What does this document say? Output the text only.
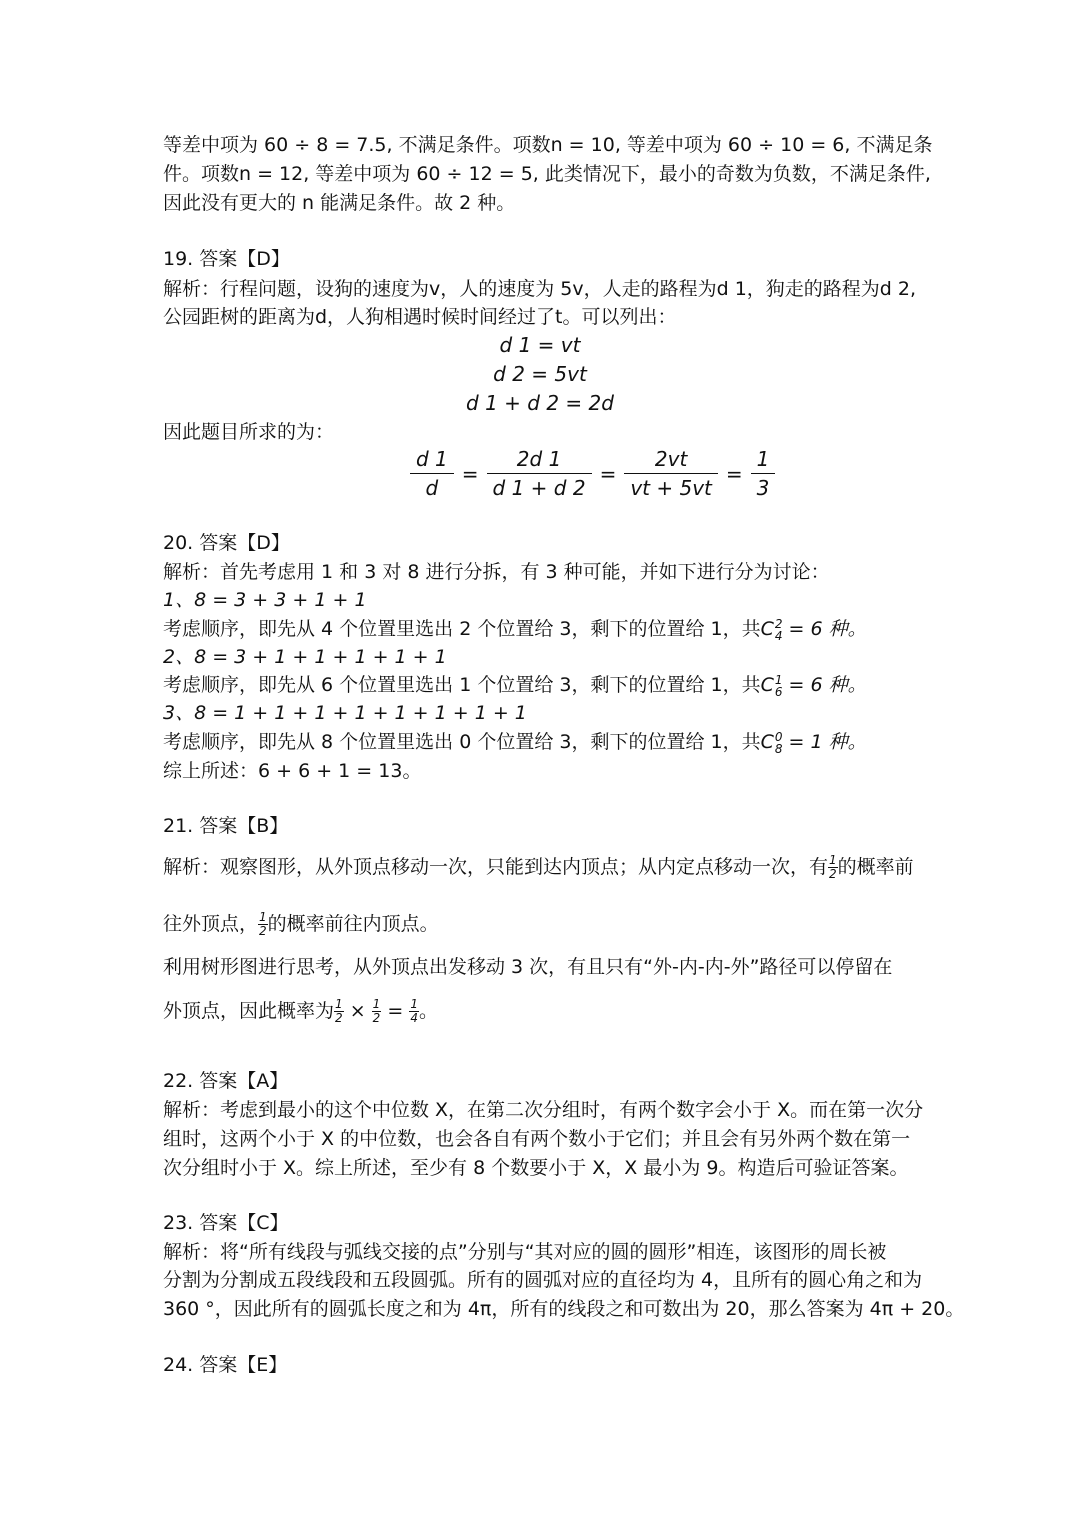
等差中项为 60 ÷ 8 = 7.5, 不满足条件。项数n = 10, 等差中项为 60 ÷ 10 = 6, 不满足条
件。项数n = 12, 等差中项为 60 ÷ 12 = 5, 此类情况下，最小的奇数为负数，不满足条件,
因此没有更大的 n 能满足条件。故 2 种。
19. 答案【D】
解析：行程问题，设狗的速度为v，人的速度为 5v，人走的路程为d 1，狗走的路程为d 2,
公园距树的距离为d，人狗相遇时候时间经过了t。可以列出：
d 1 = vt
d 2 = 5vt
d 1 + d 2 = 2d
因此题目所求的为：
$\frac{d 1}{d} = \frac{2d 1}{d 1 + d 2} = \frac{2vt}{vt + 5vt} = \frac{1}{3}$
20. 答案【D】
解析：首先考虑用 1 和 3 对 8 进行分拆，有 3 种可能，并如下进行分为讨论：
1、8 = 3 + 3 + 1 + 1
考虑顺序，即先从 4 个位置里选出 2 个位置给 3，剩下的位置给 1，共C 2
4 = 6 种。
2、8 = 3 + 1 + 1 + 1 + 1 + 1
考虑顺序，即先从 6 个位置里选出 1 个位置给 3，剩下的位置给 1，共C 1
6 = 6 种。
3、8 = 1 + 1 + 1 + 1 + 1 + 1 + 1 + 1
考虑顺序，即先从 8 个位置里选出 0 个位置给 3，剩下的位置给 1，共C 0
8 = 1 种。
综上所述：6 + 6 + 1 = 13。
21. 答案【B】
解析：观察图形，从外顶点移动一次，只能到达内顶点；从内定点移动一次，有 $\frac{1}{2}$ 的概率前
往外顶点， $\frac{1}{2}$ 的概率前往内顶点。
利用树形图进行思考，从外顶点出发移动 3 次，有且只有“外-内-内-外”路径可以停留在
外顶点，因此概率为 $\frac{1}{2} \times \frac{1}{2} = \frac{1}{4}$ 。
22. 答案【A】
解析：考虑到最小的这个中位数 X，在第二次分组时，有两个数字会小于 X。而在第一次分
组时，这两个小于 X 的中位数，也会各自有两个数小于它们；并且会有另外两个数在第一
次分组时小于 X。综上所述，至少有 8 个数要小于 X，X 最小为 9。构造后可验证答案。
23. 答案【C】
解析：将“所有线段与弧线交接的点”分别与“其对应的圆的圆形”相连，该图形的周长被
分割为分割成五段线段和五段圆弧。所有的圆弧对应的直径均为 4，且所有的圆心角之和为
360 °，因此所有的圆弧长度之和为 4π，所有的线段之和可数出为 20，那么答案为 4π + 20。
24. 答案【E】
